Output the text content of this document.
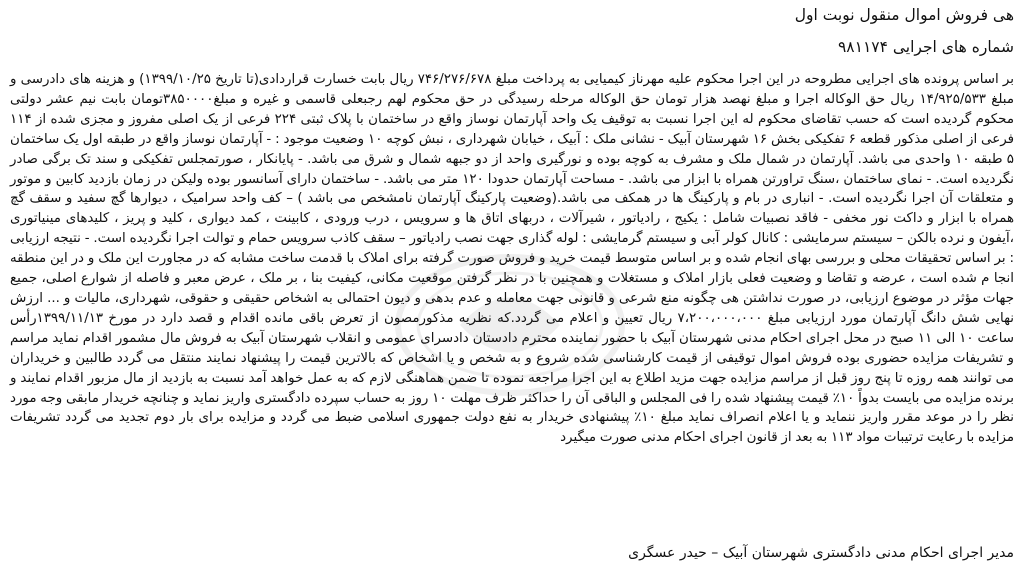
هی فروش اموال منقول نوبت اول

شماره های اجرایی ۹۸۱۱۷۴

بر اساس پرونده های اجرایی مطروحه در این اجرا محکوم علیه مهرناز کیمیایی به پرداخت مبلغ ۷۴۶/۲۷۶/۶۷۸ ریال بابت خسارت قراردادی(تا تاریخ ۱۳۹۹/۱۰/۲۵) و هزینه های دادرسی و مبلغ ۱۴/۹۲۵/۵۳۳ ریال حق الوکاله اجرا و مبلغ نهصد هزار تومان حق الوکاله مرحله رسیدگی در حق محکوم لهم رجبعلی قاسمی و غیره و مبلغ۳۸۵۰۰۰۰تومان بابت نیم عشر دولتی محکوم گردیده است که حسب تقاضای محکوم له این اجرا نسبت به توقیف یک واحد آپارتمان نوساز واقع در ساختمان با پلاک ثبتی ۲۲۴ فرعی از یک اصلی مفروز و مجزی شده از ۱۱۴ فرعی از اصلی مذکور قطعه ۶ تفکیکی بخش ۱۶ شهرستان آبیک - نشانی ملک : آبیک ، خیابان شهرداری ، نبش کوچه ۱۰ وضعیت موجود : - آپارتمان نوساز واقع در طبقه اول یک ساختمان ۵ طبقه ۱۰ واحدی می باشد. آپارتمان در شمال ملک و مشرف به کوچه بوده و نورگیری واحد از دو جبهه شمال و شرق می باشد. - پایانکار ، صورتمجلس تفکیکی و سند تک برگی صادر نگردیده است. - نمای ساختمان ،سنگ تراورتن همراه با ابزار می باشد. - مساحت آپارتمان حدودا ۱۲۰ متر می باشد. - ساختمان دارای آسانسور بوده ولیکن در زمان بازدید کابین و موتور و متعلقات آن اجرا نگردیده است. - انباری در بام و پارکینگ ها در همکف می باشد.(وضعیت پارکینگ آپارتمان نامشخص می باشد ) – کف واحد سرامیک ، دیوارها گچ سفید و سقف گچ همراه با ابزار و داکت نور مخفی - فاقد نصبیات شامل : یکیج ، رادیاتور ، شیرآلات ، دربهای اتاق ها و سرویس ، درب ورودی ، کابینت ، کمد دیواری ، کلید و پریز ، کلیدهای مینیاتوری ،آیفون و نرده بالکن – سیستم سرمایشی : کانال کولر آبی و سیستم گرمایشی : لوله گذاری جهت نصب رادیاتور – سقف کاذب سرویس حمام و توالت اجرا نگردیده است. - نتیجه ارزیابی : بر اساس تحقیقات محلی و بررسی بهای انجام شده و بر اساس متوسط قیمت خرید و فروش صورت گرفته برای املاک با قدمت ساخت مشابه که در مجاورت این ملک و در این منطقه انجا م شده است ، عرضه و تقاضا و وضعیت فعلی بازار املاک و مستغلات و همچنین با در نظر گرفتن موقعیت مکانی، کیفیت بنا ، بر ملک ، عرض معبر و فاصله از شوارع اصلی، جمیع جهات مؤثر در موضوع ارزیابی، در صورت نداشتن هی چگونه منع شرعی و قانونی جهت معامله و عدم بدهی و دیون احتمالی به اشخاص حقیقی و حقوقی، شهرداری، مالیات و ... ارزش نهایی شش دانگ آپارتمان مورد ارزیابی مبلغ ۷،۲۰۰،۰۰۰،۰۰۰ ریال تعیین و اعلام می گردد.که نظریه مذکورمصون از تعرض باقی مانده اقدام و قصد دارد در مورخ ۱۳۹۹/۱۱/۱۳رأس ساعت ۱۰ الی ۱۱ صبح در محل اجرای احکام مدنی شهرستان آبیک با حضور نماینده محترم دادستان دادسرای عمومی و انقلاب شهرستان آبیک به فروش مال مشمور اقدام نماید مراسم و تشریفات مزایده حضوری بوده فروش اموال توقیفی از قیمت کارشناسی شده شروع و به شخص و یا اشخاص که بالاترین قیمت را پیشنهاد نمایند منتقل می گردد طالبین و خریداران می توانند همه روزه تا پنج روز قبل از مراسم مزایده جهت مزید اطلاع به این اجرا مراجعه نموده تا ضمن هماهنگی لازم که به عمل خواهد آمد نسبت به بازدید از مال مزبور اقدام نمایند و برنده مزایده می بایست بدواً ۱۰٪ قیمت پیشنهاد شده را فی المجلس و الباقی آن را حداکثر ظرف مهلت ۱۰ روز به حساب سپرده دادگستری واریز نماید و چنانچه خریدار مابقی وجه مورد نظر را در موعد مقرر واریز ننماید و یا اعلام انصراف نماید مبلغ ۱۰٪ پیشنهادی خریدار به نفع دولت جمهوری اسلامی ضبط می گردد و مزایده برای بار دوم تجدید می گردد تشریفات مزایده با رعایت ترتیبات مواد ۱۱۳ به بعد از قانون اجرای احکام مدنی صورت میگیرد

مدیر اجرای احکام مدنی دادگستری شهرستان آبیک – حیدر عسگری
